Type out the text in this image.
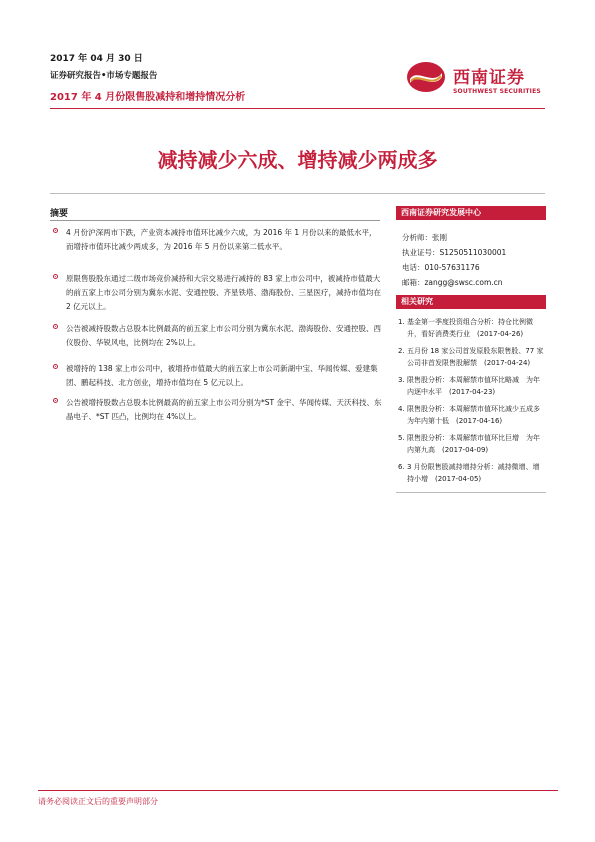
2017 年 04 月 30 日
证券研究报告•市场专题报告
2017 年 4 月份限售股减持和增持情况分析
西南证券
SOUTHWEST SECURITIES
减持减少六成、增持减少两成多
摘要
4 月份沪深两市下跌，产业资本减持市值环比减少六成，为 2016 年 1 月份以来的最低水平，而增持市值环比减少两成多，为 2016 年 5 月份以来第二低水平。
原限售股股东通过二级市场竞价减持和大宗交易进行减持的 83 家上市公司中，被减持市值最大的前五家上市公司分别为冀东水泥、安通控股、齐星铁塔、渤海股份、三星医疗，减持市值均在 2 亿元以上。
公告被减持股数占总股本比例最高的前五家上市公司分别为冀东水泥、渤海股份、安通控股、西仪股份、华锐风电，比例均在 2%以上。
被增持的 138 家上市公司中，被增持市值最大的前五家上市公司新湖中宝、华闻传媒、爱建集团、鹏起科技、北方创业，增持市值均在 5 亿元以上。
公告被增持股数占总股本比例最高的前五家上市公司分别为*ST 金宇、华闻传媒、天沃科技、东晶电子、*ST 匹凸，比例均在 4%以上。
西南证券研究发展中心
分析师：张刚
执业证号：S1250511030001
电话：010-57631176
邮箱：zangg@swsc.com.cn
相关研究
1. 基金第一季度投资组合分析：持仓比例微升，看好消费类行业　(2017-04-26)
2. 五月份 18 家公司首发原股东限售股、77 家公司非首发限售股解禁　(2017-04-24)
3. 限售股分析：本周解禁市值环比略减　为年内逐中水平　(2017-04-23)
4. 限售股分析：本周解禁市值环比减少五成多　为年内第十低　(2017-04-16)
5. 限售股分析：本周解禁市值环比巨增　为年内第九高　(2017-04-09)
6. 3 月份限售股减持增持分析：减持微增、增持小增　(2017-04-05)
请务必阅读正文后的重要声明部分
